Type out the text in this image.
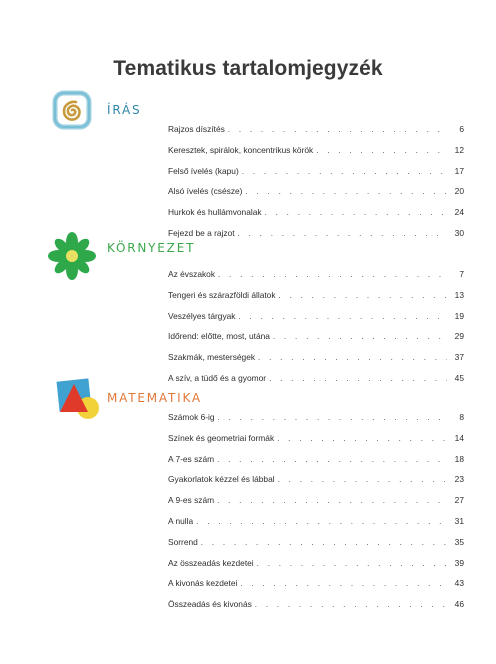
Tematikus tartalomjegyzék
ÍRÁS
Rajzos díszítés . . .	6
Keresztek, spirálok, koncentrikus körök . . .	12
Felső ívelés (kapu) . . .	17
Alsó ívelés (csésze) . . .	20
Hurkok és hullámvonalak . . .	24
Fejezd be a rajzot . . .	30
KÖRNYEZET
Az évszakok . . .	7
Tengeri és szárazföldi állatok . . .	13
Veszélyes tárgyak . . .	19
Időrend: előtte, most, utána . . .	29
Szakmák, mesterségek . . .	37
A szív, a tüdő és a gyomor . . .	45
MATEMATIKA
Számok 6-ig . . .	8
Színek és geometriai formák . . .	14
A 7-es szám . . .	18
Gyakorlatok kézzel és lábbal . . .	23
A 9-es szám . . .	27
A nulla . . .	31
Sorrend . . .	35
Az összeadás kezdetei . . .	39
A kivonás kezdetei . . .	43
Összeadás és kivonás . . .	46
